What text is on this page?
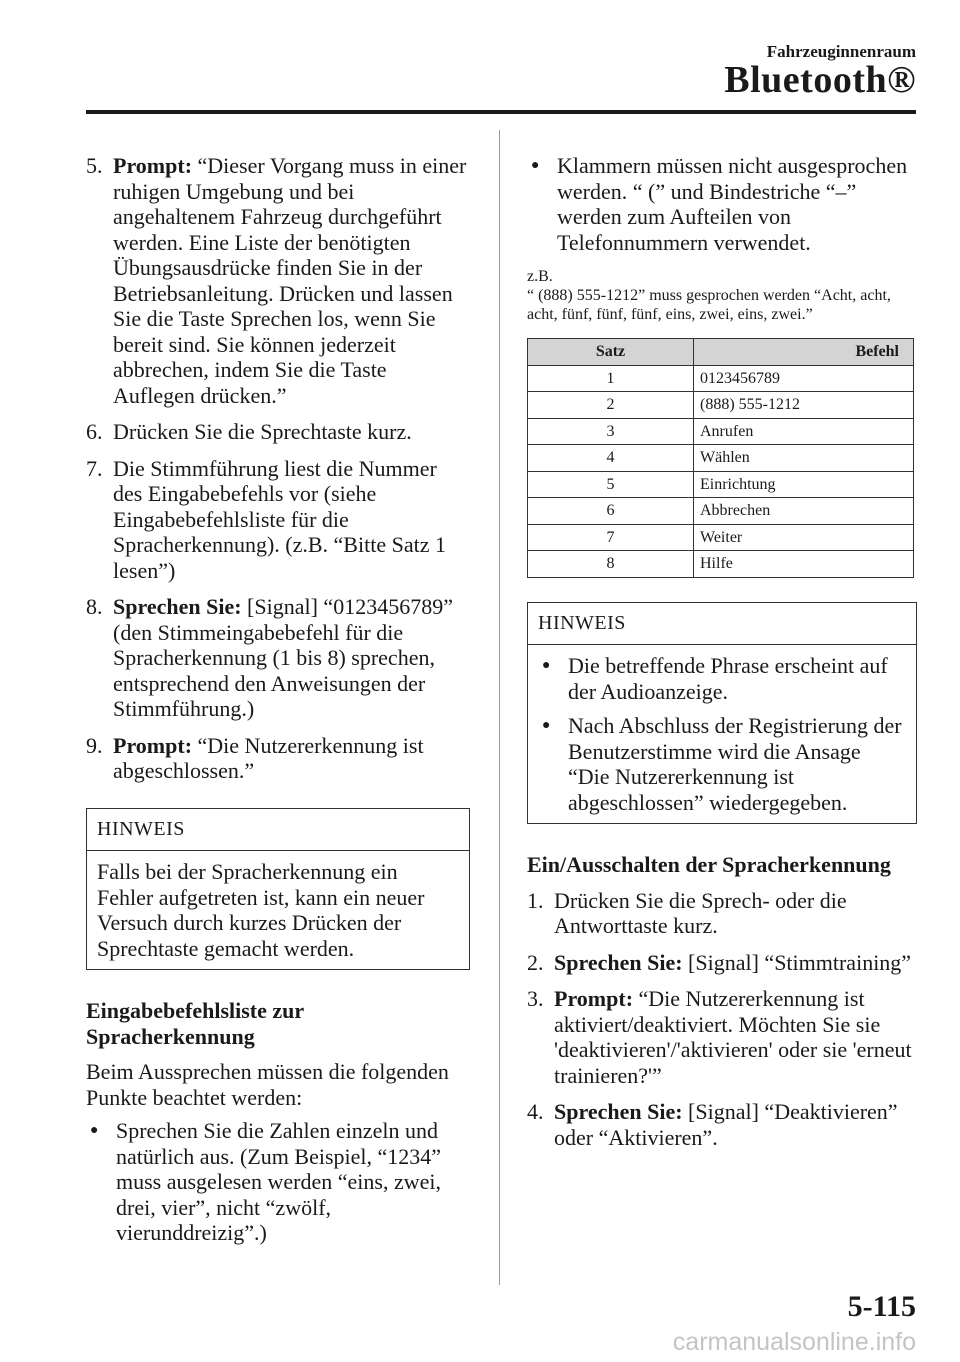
Fahrzeuginnenraum
Bluetooth®
5. Prompt: “Dieser Vorgang muss in einer ruhigen Umgebung und bei angehaltenem Fahrzeug durchgeführt werden. Eine Liste der benötigten Übungsausdrücke finden Sie in der Betriebsanleitung. Drücken und lassen Sie die Taste Sprechen los, wenn Sie bereit sind. Sie können jederzeit abbrechen, indem Sie die Taste Auflegen drücken.”
6. Drücken Sie die Sprechtaste kurz.
7. Die Stimmführung liest die Nummer des Eingabebefehls vor (siehe Eingabebefehlsliste für die Spracherkennung). (z.B. “Bitte Satz 1 lesen”)
8. Sprechen Sie: [Signal] “0123456789” (den Stimmeingabebefehl für die Spracherkennung (1 bis 8) sprechen, entsprechend den Anweisungen der Stimmführung.)
9. Prompt: “Die Nutzererkennung ist abgeschlossen.”
HINWEIS
Falls bei der Spracherkennung ein Fehler aufgetreten ist, kann ein neuer Versuch durch kurzes Drücken der Sprechtaste gemacht werden.
Eingabebefehlsliste zur Spracherkennung
Beim Aussprechen müssen die folgenden Punkte beachtet werden:
● Sprechen Sie die Zahlen einzeln und natürlich aus. (Zum Beispiel, “1234” muss ausgelesen werden “eins, zwei, drei, vier”, nicht “zwölf, vierunddreizig”.)
● Klammern müssen nicht ausgesprochen werden. “ (” und Bindestriche “–” werden zum Aufteilen von Telefonnummern verwendet.
z.B.
“ (888) 555-1212” muss gesprochen werden “Acht, acht, acht, fünf, fünf, fünf, eins, zwei, eins, zwei.”
Satz	Befehl
1	0123456789
2	(888) 555-1212
3	Anrufen
4	Wählen
5	Einrichtung
6	Abbrechen
7	Weiter
8	Hilfe
HINWEIS
● Die betreffende Phrase erscheint auf der Audioanzeige.
● Nach Abschluss der Registrierung der Benutzerstimme wird die Ansage “Die Nutzererkennung ist abgeschlossen” wiedergegeben.
Ein/Ausschalten der Spracherkennung
1. Drücken Sie die Sprech- oder die Antworttaste kurz.
2. Sprechen Sie: [Signal] “Stimmtraining”
3. Prompt: “Die Nutzererkennung ist aktiviert/deaktiviert. Möchten Sie sie 'deaktivieren'/'aktivieren' oder sie 'erneut trainieren?'”
4. Sprechen Sie: [Signal] “Deaktivieren” oder “Aktivieren”.
5-115
carmanualsonline.info
